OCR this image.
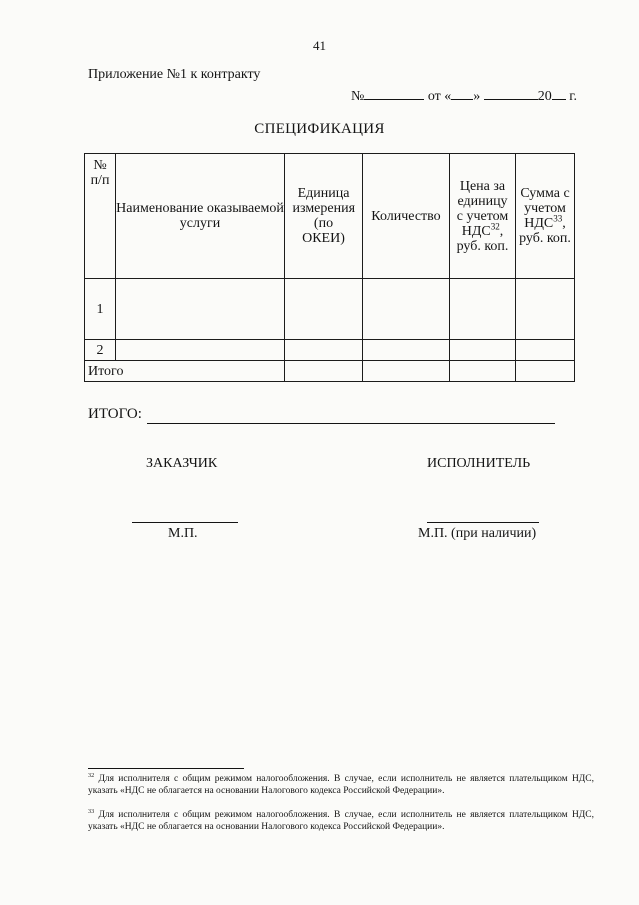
41
Приложение №1 к контракту
№	от « »	20 г.
СПЕЦИФИКАЦИЯ
№ п/п	Наименование оказываемой услуги	Единица измерения (по ОКЕИ)	Количество	Цена за единицу с учетом НДС$^{32}$, руб. коп.	Сумма с учетом НДС$^{33}$, руб. коп.
1					
2					
Итого					
ИТОГО:
ЗАКАЗЧИК	ИСПОЛНИТЕЛЬ
М.П.	М.П. (при наличии)
$^{32}$ Для исполнителя с общим режимом налогообложения. В случае, если исполнитель не является плательщиком НДС, указать «НДС не облагается на основании Налогового кодекса Российской Федерации».
$^{33}$ Для исполнителя с общим режимом налогообложения. В случае, если исполнитель не является плательщиком НДС, указать «НДС не облагается на основании Налогового кодекса Российской Федерации».
